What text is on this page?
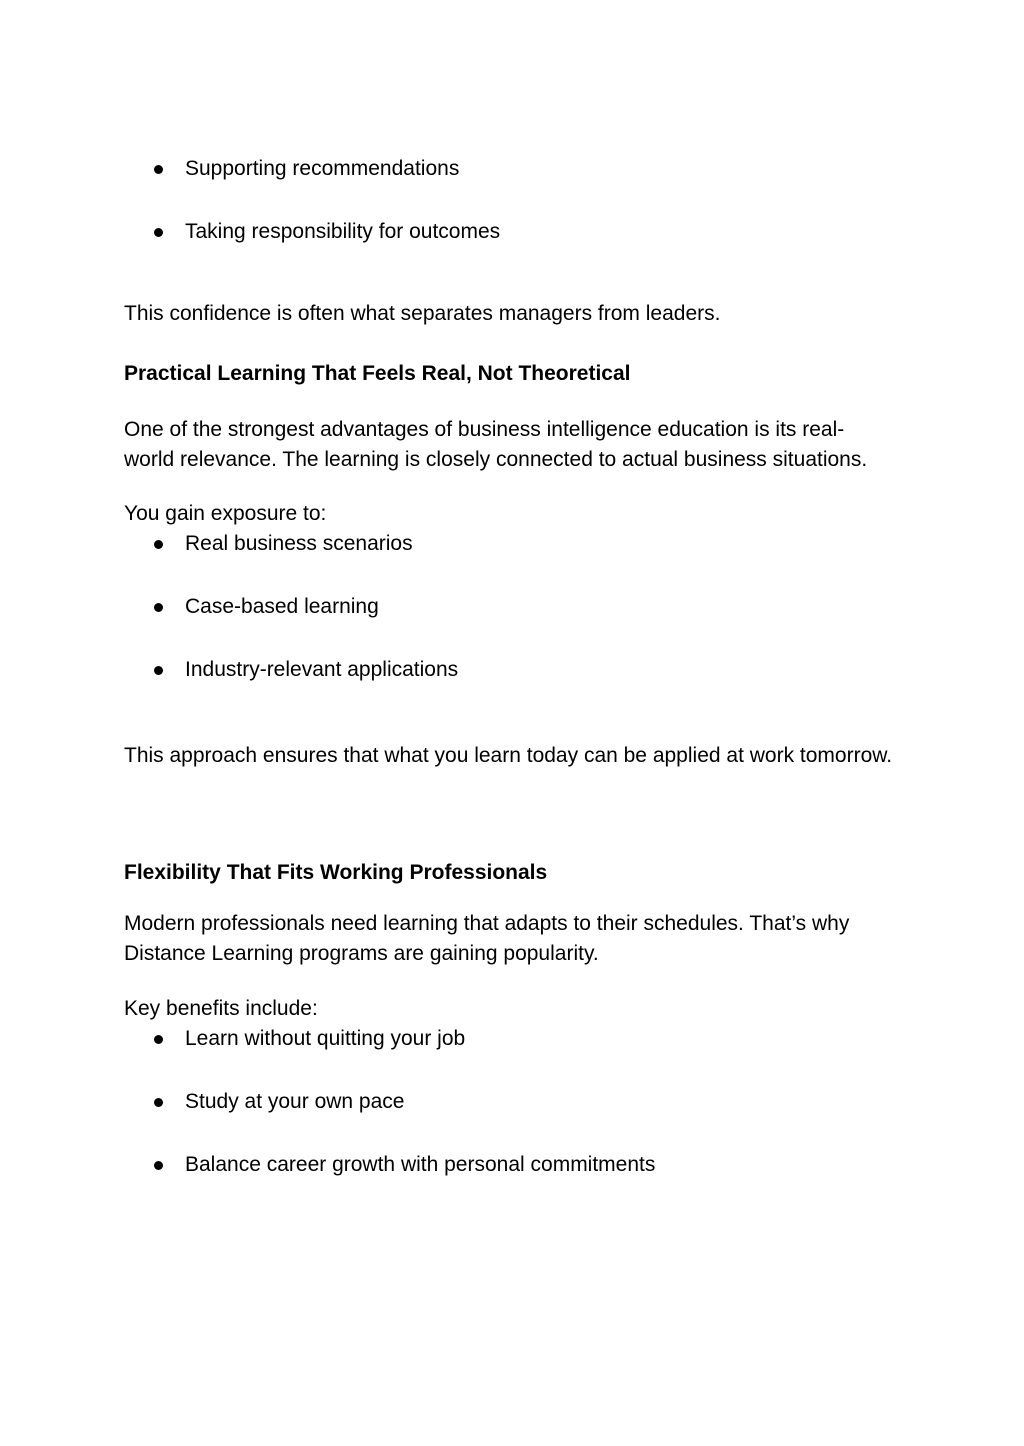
Supporting recommendations
Taking responsibility for outcomes

This confidence is often what separates managers from leaders.

Practical Learning That Feels Real, Not Theoretical

One of the strongest advantages of business intelligence education is its real-world relevance. The learning is closely connected to actual business situations.

You gain exposure to:

Real business scenarios
Case-based learning
Industry-relevant applications

This approach ensures that what you learn today can be applied at work tomorrow.

Flexibility That Fits Working Professionals

Modern professionals need learning that adapts to their schedules. That’s why Distance Learning programs are gaining popularity.

Key benefits include:

Learn without quitting your job
Study at your own pace
Balance career growth with personal commitments
